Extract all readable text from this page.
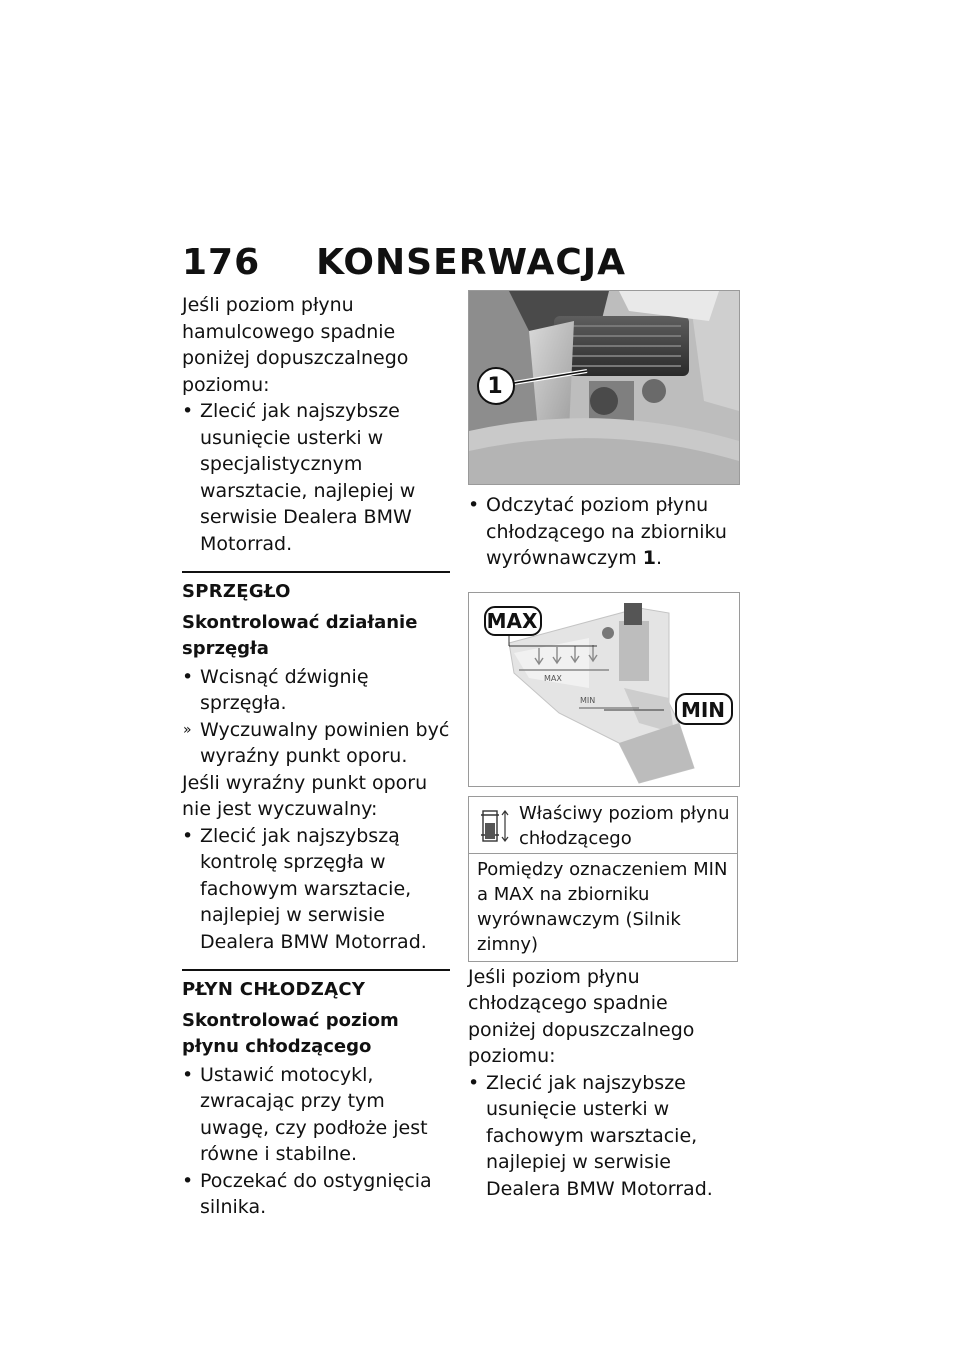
176 KONSERWACJA

Jeśli poziom płynu hamulcowego spadnie poniżej dopuszczalnego poziomu:

• Zlecić jak najszybsze usunięcie usterki w specjalistycznym warsztacie, najlepiej w serwisie Dealera BMW Motorrad.

SPRZĘGŁO

Skontrolować działanie sprzęgła

• Wcisnąć dźwignię sprzęgła.

» Wyczuwalny powinien być wyraźny punkt oporu.

Jeśli wyraźny punkt oporu nie jest wyczuwalny:

• Zlecić jak najszybszą kontrolę sprzęgła w fachowym warsztacie, najlepiej w serwisie Dealera BMW Motorrad.

PŁYN CHŁODZĄCY

Skontrolować poziom płynu chłodzącego

• Ustawić motocykl, zwracając przy tym uwagę, czy podłoże jest równe i stabilne.

• Poczekać do ostygnięcia silnika.

1

• Odczytać poziom płynu chłodzącego na zbiorniku wyrównawczym 1.

MAX
MIN
MAX
MIN
Właściwy poziom płynu chłodzącego
Pomiędzy oznaczeniem MIN a MAX na zbiorniku wyrównawczym (Silnik zimny)

Jeśli poziom płynu chłodzącego spadnie poniżej dopuszczalnego poziomu:

• Zlecić jak najszybsze usunięcie usterki w fachowym warsztacie, najlepiej w serwisie Dealera BMW Motorrad.
